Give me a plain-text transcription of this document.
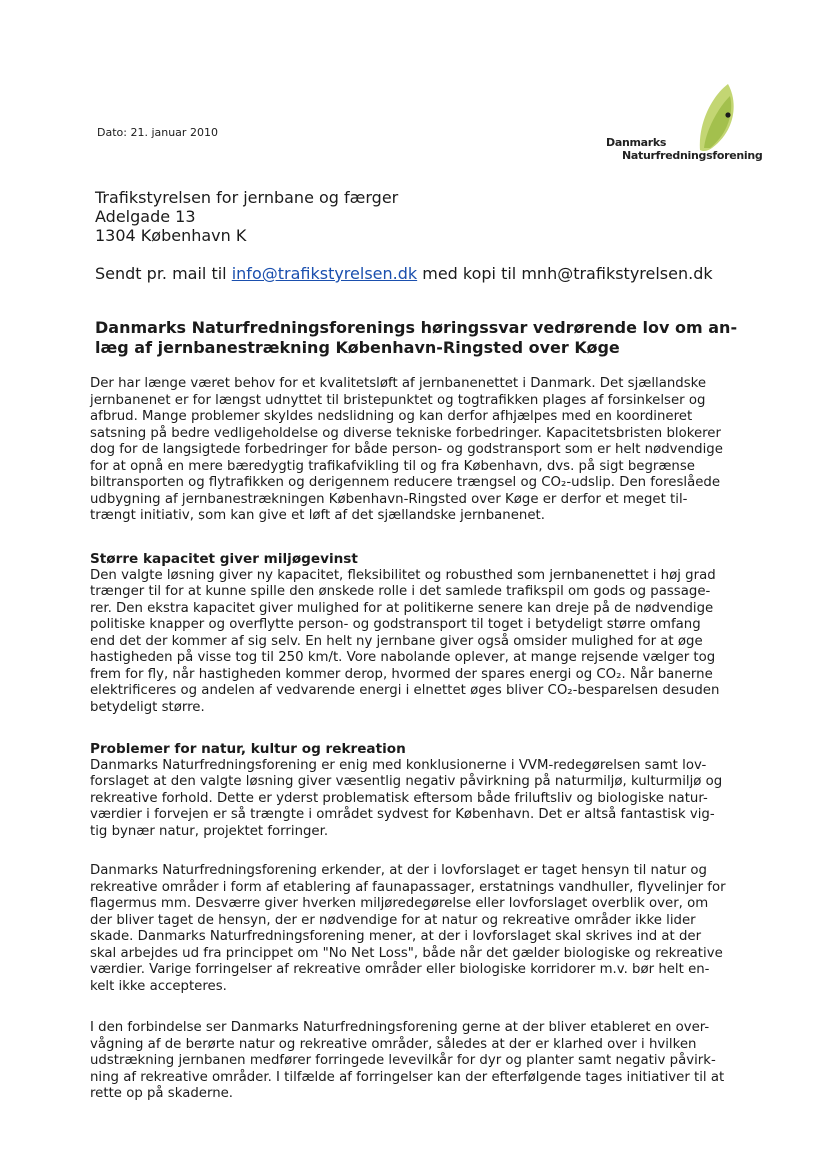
Dato: 21. januar 2010
Danmarks
Naturfredningsforening
Trafikstyrelsen for jernbane og færger
Adelgade 13
1304 København K
Sendt pr. mail til info@trafikstyrelsen.dk med kopi til mnh@trafikstyrelsen.dk
Danmarks Naturfredningsforenings høringssvar vedrørende lov om an-
læg af jernbanestrækning København-Ringsted over Køge
Der har længe været behov for et kvalitetsløft af jernbanenettet i Danmark. Det sjællandske
jernbanenet er for længst udnyttet til bristepunktet og togtrafikken plages af forsinkelser og
afbrud. Mange problemer skyldes nedslidning og kan derfor afhjælpes med en koordineret
satsning på bedre vedligeholdelse og diverse tekniske forbedringer. Kapacitetsbristen blokerer
dog for de langsigtede forbedringer for både person- og godstransport som er helt nødvendige
for at opnå en mere bæredygtig trafikafvikling til og fra København, dvs. på sigt begrænse
biltransporten og flytrafikken og derigennem reducere trængsel og CO₂-udslip. Den foreslåede
udbygning af jernbanestrækningen København-Ringsted over Køge er derfor et meget til-
trængt initiativ, som kan give et løft af det sjællandske jernbanenet.
Større kapacitet giver miljøgevinst
Den valgte løsning giver ny kapacitet, fleksibilitet og robusthed som jernbanenettet i høj grad
trænger til for at kunne spille den ønskede rolle i det samlede trafikspil om gods og passage-
rer. Den ekstra kapacitet giver mulighed for at politikerne senere kan dreje på de nødvendige
politiske knapper og overflytte person- og godstransport til toget i betydeligt større omfang
end det der kommer af sig selv. En helt ny jernbane giver også omsider mulighed for at øge
hastigheden på visse tog til 250 km/t. Vore nabolande oplever, at mange rejsende vælger tog
frem for fly, når hastigheden kommer derop, hvormed der spares energi og CO₂. Når banerne
elektrificeres og andelen af vedvarende energi i elnettet øges bliver CO₂-besparelsen desuden
betydeligt større.
Problemer for natur, kultur og rekreation
Danmarks Naturfredningsforening er enig med konklusionerne i VVM-redegørelsen samt lov-
forslaget at den valgte løsning giver væsentlig negativ påvirkning på naturmiljø, kulturmiljø og
rekreative forhold. Dette er yderst problematisk eftersom både friluftsliv og biologiske natur-
værdier i forvejen er så trængte i området sydvest for København. Det er altså fantastisk vig-
tig bynær natur, projektet forringer.
Danmarks Naturfredningsforening erkender, at der i lovforslaget er taget hensyn til natur og
rekreative områder i form af etablering af faunapassager, erstatnings vandhuller, flyvelinjer for
flagermus mm. Desværre giver hverken miljøredegørelse eller lovforslaget overblik over, om
der bliver taget de hensyn, der er nødvendige for at natur og rekreative områder ikke lider
skade. Danmarks Naturfredningsforening mener, at der i lovforslaget skal skrives ind at der
skal arbejdes ud fra princippet om "No Net Loss", både når det gælder biologiske og rekreative
værdier. Varige forringelser af rekreative områder eller biologiske korridorer m.v. bør helt en-
kelt ikke accepteres.
I den forbindelse ser Danmarks Naturfredningsforening gerne at der bliver etableret en over-
vågning af de berørte natur og rekreative områder, således at der er klarhed over i hvilken
udstrækning jernbanen medfører forringede levevilkår for dyr og planter samt negativ påvirk-
ning af rekreative områder. I tilfælde af forringelser kan der efterfølgende tages initiativer til at
rette op på skaderne.
